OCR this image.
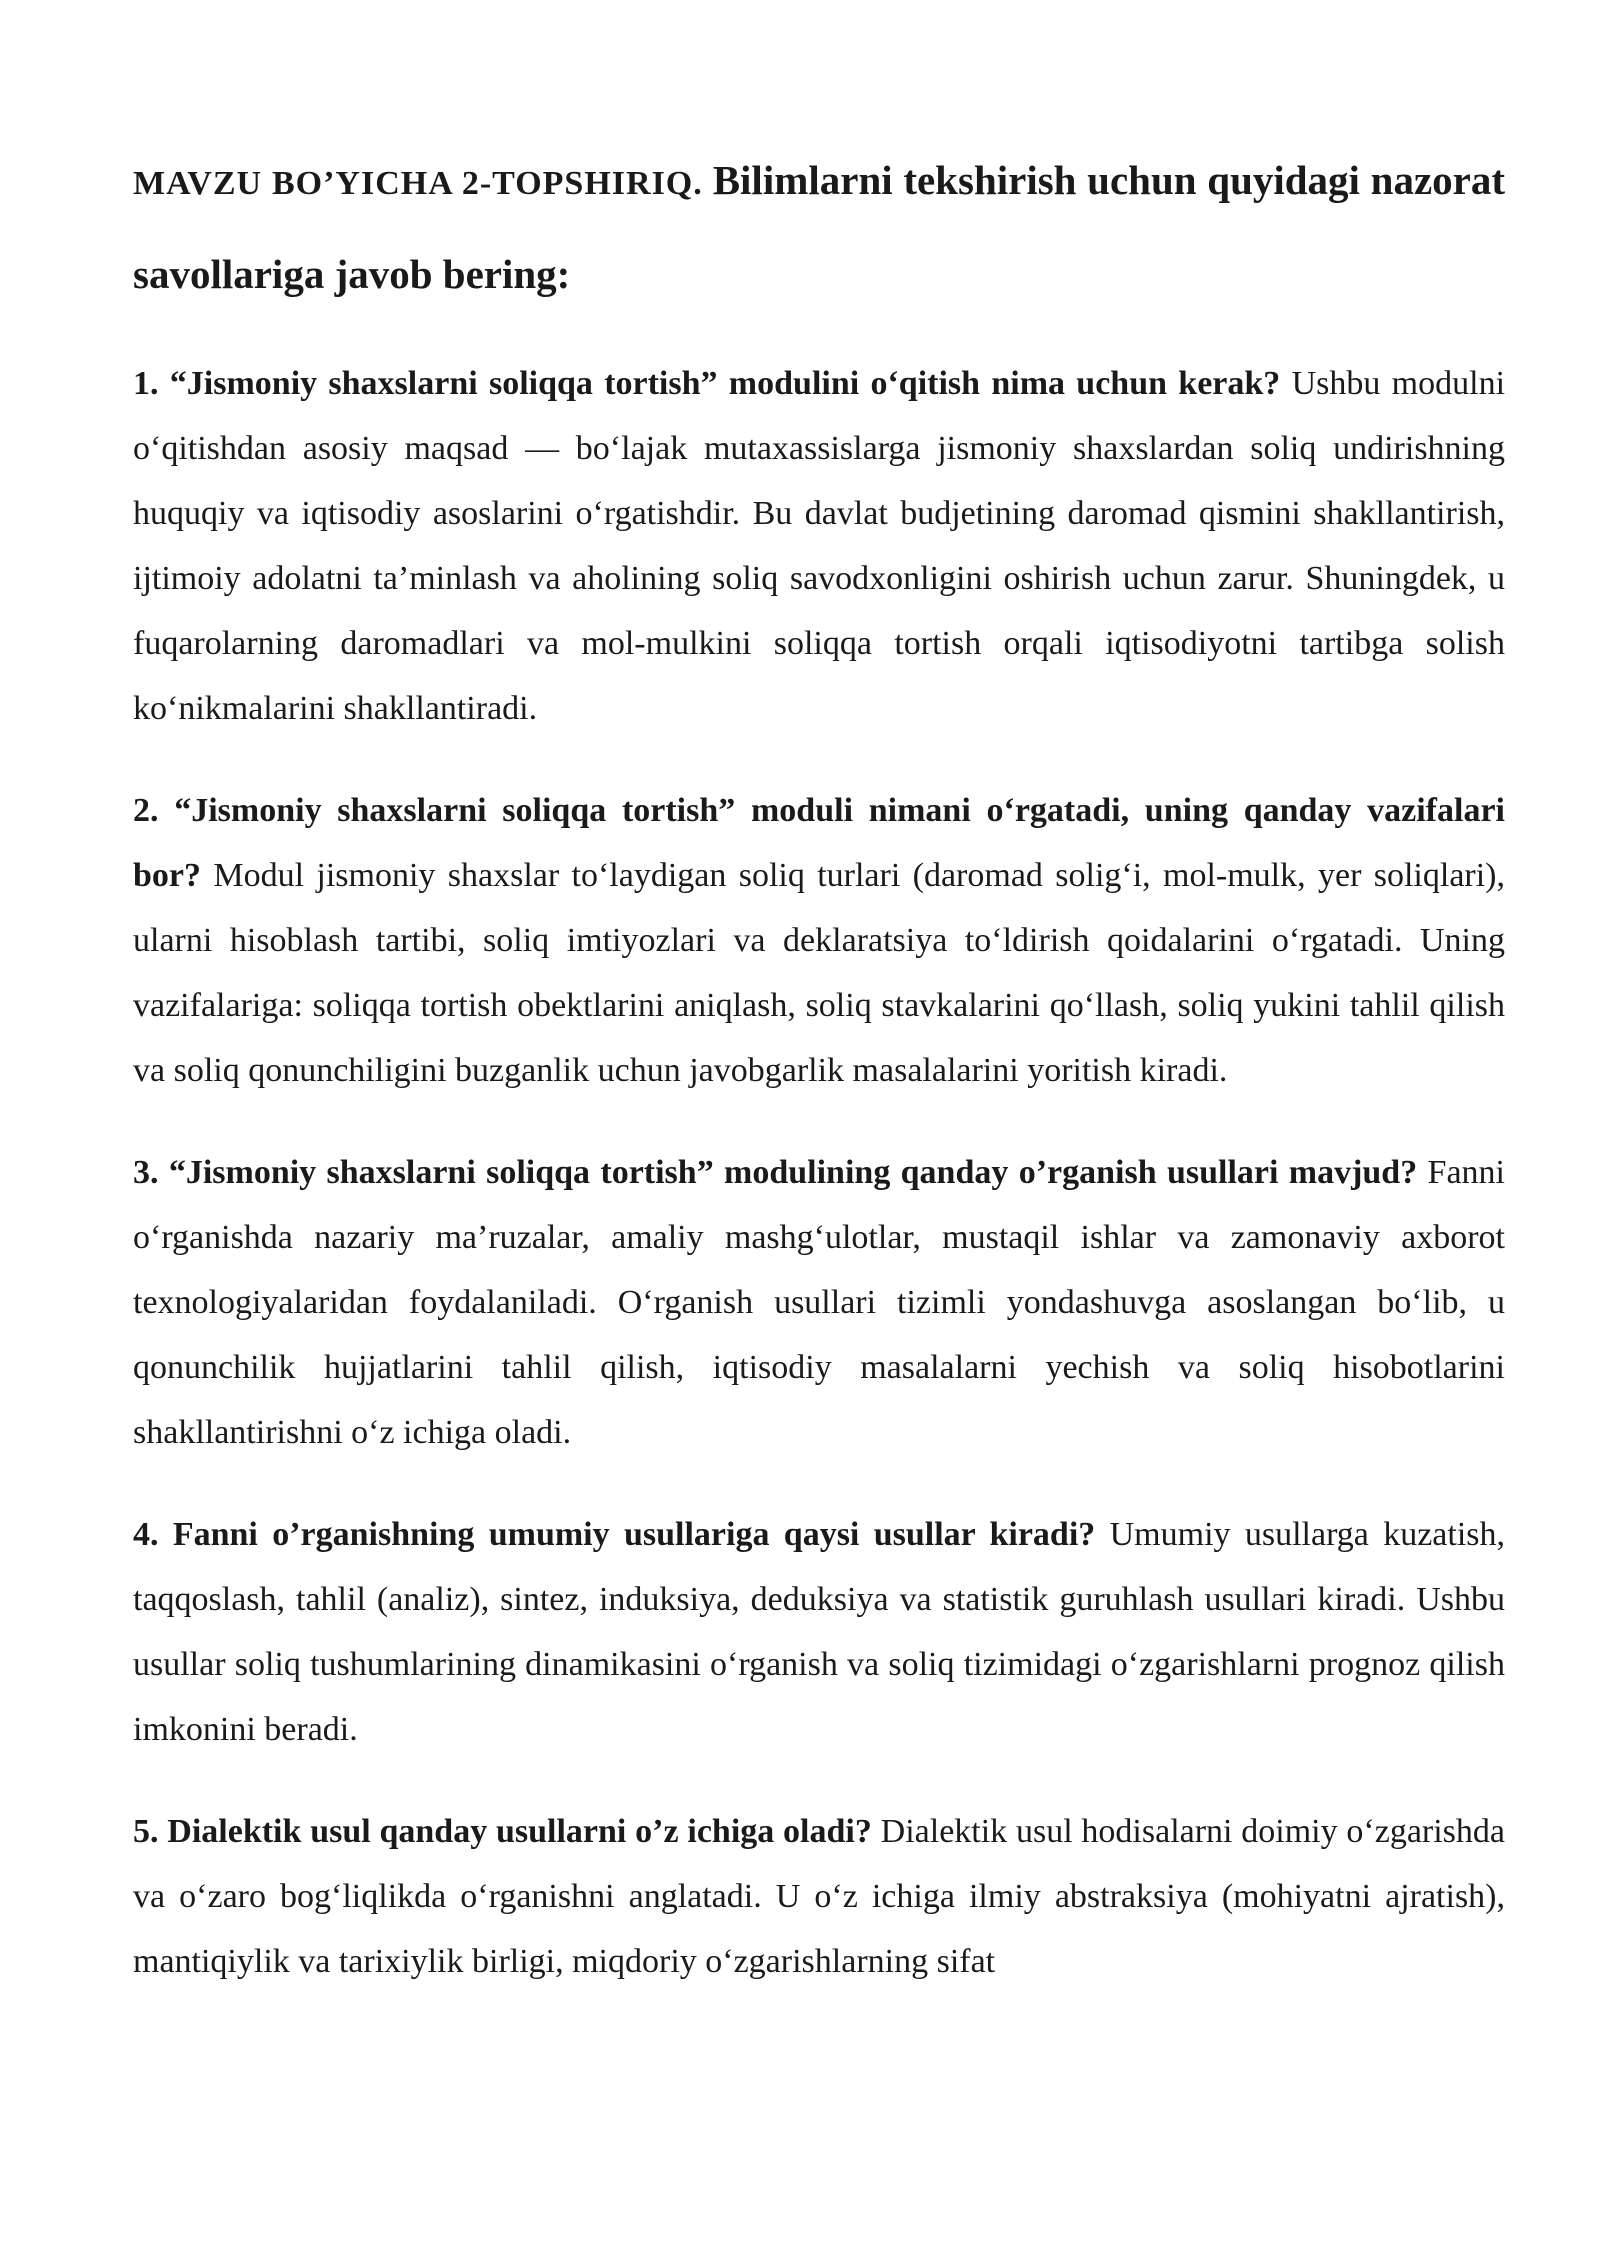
MAVZU BO’YICHA 2-TOPSHIRIQ. Bilimlarni tekshirish uchun quyidagi nazorat savollariga javob bering:

1. “Jismoniy shaxslarni soliqqa tortish” modulini o‘qitish nima uchun kerak? Ushbu modulni o‘qitishdan asosiy maqsad — bo‘lajak mutaxassislarga jismoniy shaxslardan soliq undirishning huquqiy va iqtisodiy asoslarini o‘rgatishdir. Bu davlat budjetining daromad qismini shakllantirish, ijtimoiy adolatni ta’minlash va aholining soliq savodxonligini oshirish uchun zarur. Shuningdek, u fuqarolarning daromadlari va mol-mulkini soliqqa tortish orqali iqtisodiyotni tartibga solish ko‘nikmalarini shakllantiradi.

2. “Jismoniy shaxslarni soliqqa tortish” moduli nimani o‘rgatadi, uning qanday vazifalari bor? Modul jismoniy shaxslar to‘laydigan soliq turlari (daromad solig‘i, mol-mulk, yer soliqlari), ularni hisoblash tartibi, soliq imtiyozlari va deklaratsiya to‘ldirish qoidalarini o‘rgatadi. Uning vazifalariga: soliqqa tortish obektlarini aniqlash, soliq stavkalarini qo‘llash, soliq yukini tahlil qilish va soliq qonunchiligini buzganlik uchun javobgarlik masalalarini yoritish kiradi.

3. “Jismoniy shaxslarni soliqqa tortish” modulining qanday o’rganish usullari mavjud? Fanni o‘rganishda nazariy ma’ruzalar, amaliy mashg‘ulotlar, mustaqil ishlar va zamonaviy axborot texnologiyalaridan foydalaniladi. O‘rganish usullari tizimli yondashuvga asoslangan bo‘lib, u qonunchilik hujjatlarini tahlil qilish, iqtisodiy masalalarni yechish va soliq hisobotlarini shakllantirishni o‘z ichiga oladi.

4. Fanni o’rganishning umumiy usullariga qaysi usullar kiradi? Umumiy usullarga kuzatish, taqqoslash, tahlil (analiz), sintez, induksiya, deduksiya va statistik guruhlash usullari kiradi. Ushbu usullar soliq tushumlarining dinamikasini o‘rganish va soliq tizimidagi o‘zgarishlarni prognoz qilish imkonini beradi.

5. Dialektik usul qanday usullarni o’z ichiga oladi? Dialektik usul hodisalarni doimiy o‘zgarishda va o‘zaro bog‘liqlikda o‘rganishni anglatadi. U o‘z ichiga ilmiy abstraksiya (mohiyatni ajratish), mantiqiylik va tarixiylik birligi, miqdoriy o‘zgarishlarning sifat
